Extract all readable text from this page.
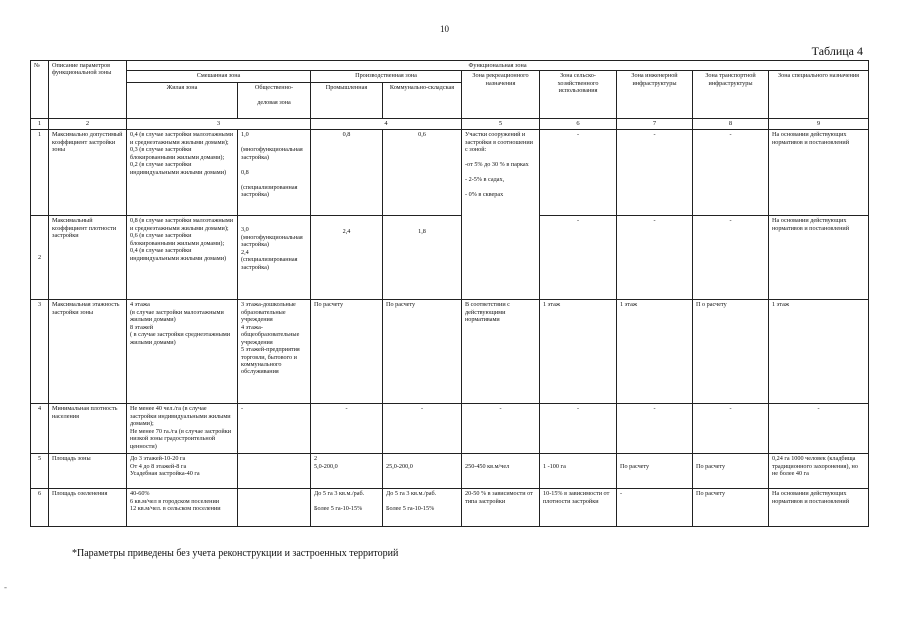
10
Таблица 4
№	Описание параметров функциональной зоны	Функциональная зона								
		Смешанная зона		Производственная зона		Зона рекреационного назначения	Зона сельско-хозяйственного использования	Зона инженерной инфраструктуры	Зона транспортной инфраструктуры	Зона специального назначения
		Жилая зона	Общественно-

деловая зона	Промышленная	Коммунально-складская					
1	2	3		4		5	6	7	8	9
1	Максимально допустимый коэффициент застройки зоны	0,4 (в случае застройки малоэтажными и среднеэтажными жилыми домами);
0,3 (в случае застройки блокированными жилыми домами);
0,2 (в случае застройки индивидуальными жилыми домами)	1,0

(многофункциональная застройка)

0,8

(специализированная застройка)	0,8	0,6	Участки сооружений и застройки в соотношении с зоной:

-от 5% до 30 % в парках

- 2-5% в садах,

- 0% в скверах	-	-	-	На основании действующих нормативов и постановлений
2	Максимальный коэффициент плотности застройки	0,8 (в случае застройки малоэтажными и среднеэтажными жилыми домами);
0,6 (в случае застройки блокированными жилыми домами);
0,4 (в случае застройки индивидуальными жилыми домами)	3,0
(многофункциональная застройка)
2,4
(специализированная застройка)	2,4	1,8		-	-	-	На основании действующих нормативов и постановлений
3	Максимальная этажность застройки зоны	4 этажа
(в случае застройки малоэтажными жилыми домами)
8 этажей
( в случае застройки среднеэтажными жилыми домами)	3 этажа-дошкольные образовательные учреждения
4 этажа-общеобразовательные учреждения
5 этажей-предприятия торговли, бытового и коммунального обслуживания	По расчету	По расчету	В соответствии с действующими нормативами	1 этаж	1 этаж	П о расчету	1 этаж
4	Минимальная плотность населения	Не менее 40 чел./га (в случае застройки индивидуальными жилыми домами);
Не менее 70 га./га (в случае застройки низкой зоны градостроительной ценности)	-	-	-	-	-	-	-	-
5	Площадь зоны	До 3 этажей-10-20 га
От 4 до 8 этажей-8 га
Усадебная застройка-40 га		2
5,0-200,0	25,0-200,0	250-450 кв.м/чел	1 -100 га	По расчету	По расчету	0,24 га 1000 человек (кладбища традиционного захоронения), но не более 40 га
6	Площадь озеленения	40-60%
6 кв.м/чел в городском поселении
12 кв.м/чел. в сельском поселении		До 5 га 3 кв.м./раб.

Более 5 га-10-15%	До 5 га 3 кв.м./раб.

Более 5 га-10-15%	20-50 % в зависимости от типа застройки	10-15% в зависимости от плотности застройки	-	По расчету	На основании действующих нормативов и постановлений
*Параметры приведены без учета реконструкции и застроенных территорий
-
